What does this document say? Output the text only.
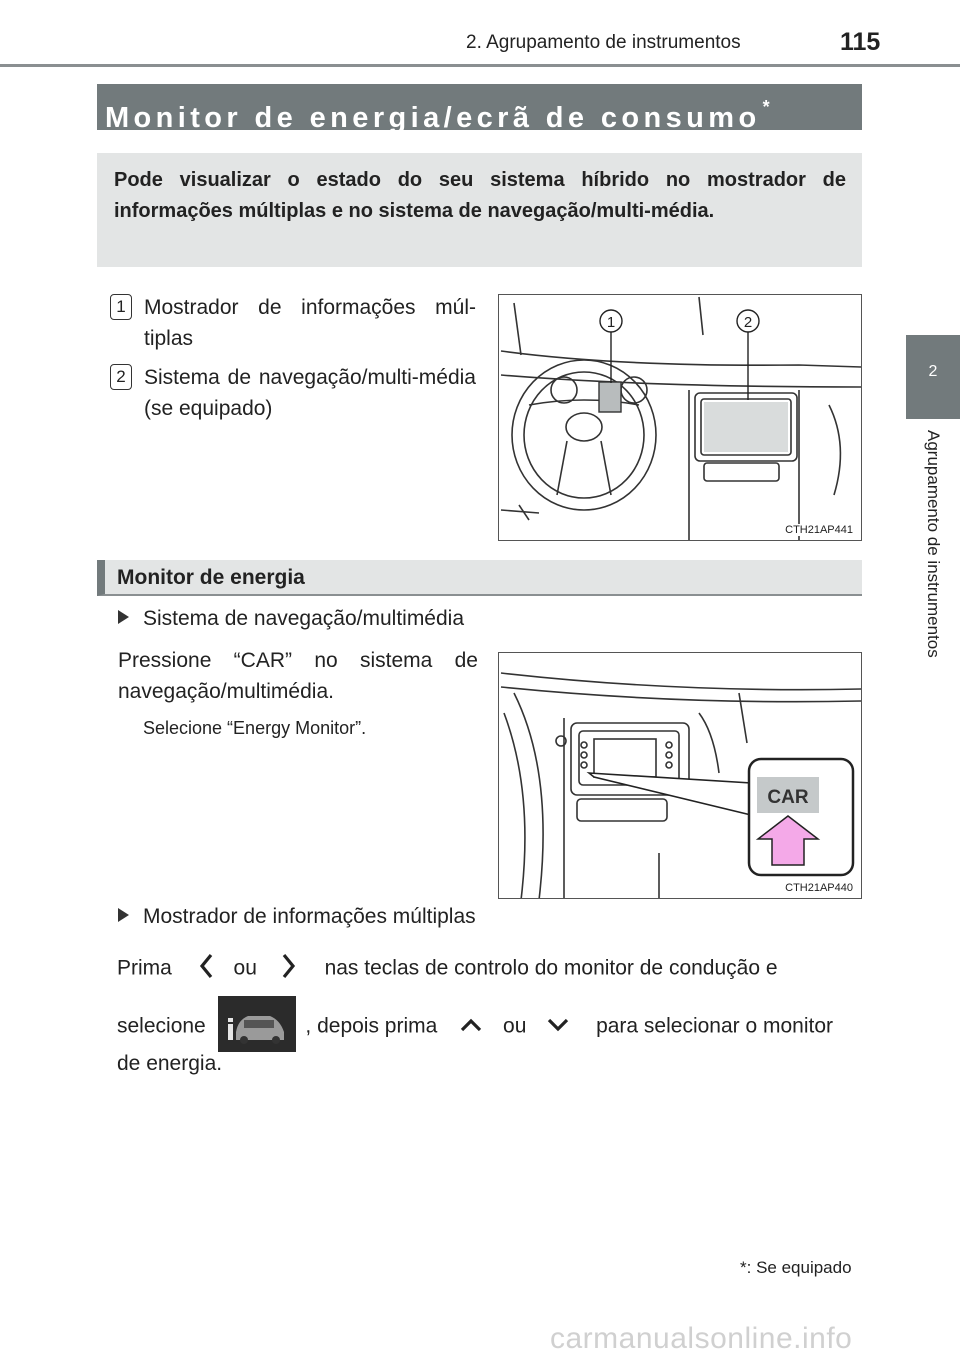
2. Agrupamento de instrumentos	115
2
Agrupamento de instrumentos
Monitor de energia/ecrã de consumo *
Pode visualizar o estado do seu sistema híbrido no mostrador de informações múltiplas e no sistema de navegação/multi-média.
1 Mostrador de informações múl-tiplas
2 Sistema de navegação/multi-média (se equipado)
1	2
CTH21AP441
Monitor de energia
Sistema de navegação/multimédia
Pressione “CAR” no sistema de navegação/multimédia.
Selecione “Energy Monitor”.
CAR
CTH21AP440
Mostrador de informações múltiplas
Prima	ou	nas teclas de controlo do monitor de condução e
selecione	, depois prima	ou	para selecionar o monitor
de energia.
*: Se equipado
carmanualsonline.info
